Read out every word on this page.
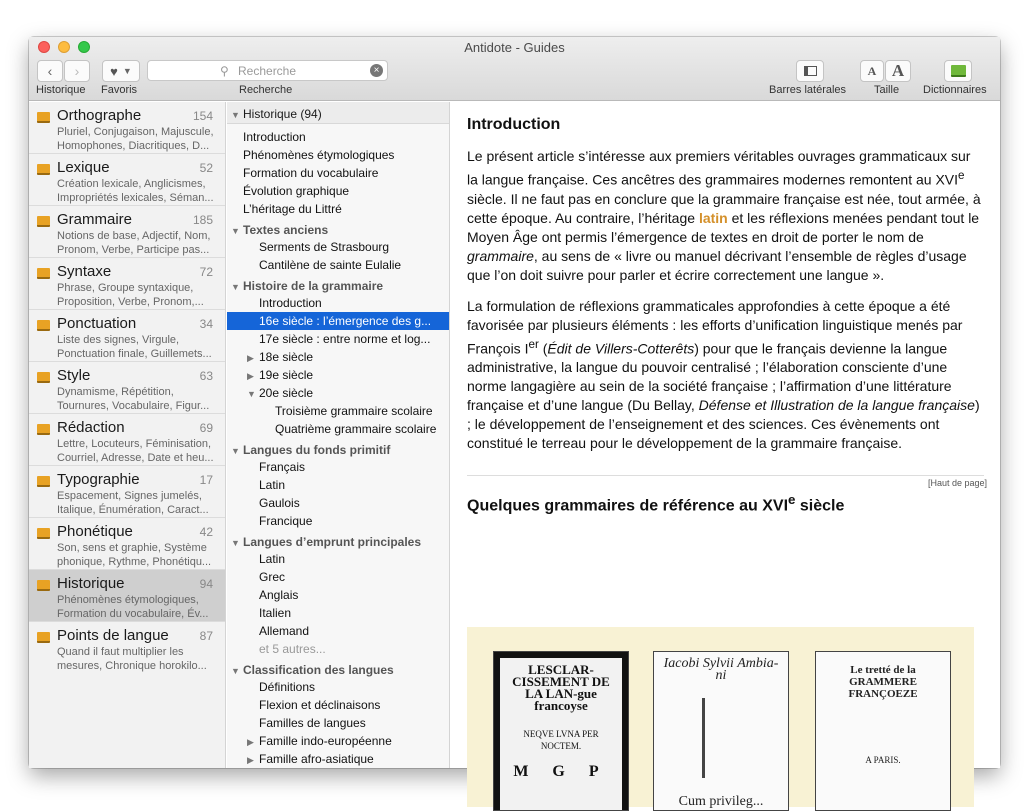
Antidote - Guides
‹ › ♥ ▼
Historique Favoris
⚲ Recherche	×
Recherche	Barres latérales
A A
Taille Dictionnaires
Orthographe	154
Pluriel, Conjugaison, Majuscule,
Homophones, Diacritiques, D...
Lexique	52
Création lexicale, Anglicismes,
Impropriétés lexicales, Séman...
Grammaire	185
Notions de base, Adjectif, Nom,
Pronom, Verbe, Participe pas...
Syntaxe	72
Phrase, Groupe syntaxique,
Proposition, Verbe, Pronom,...
Ponctuation	34
Liste des signes, Virgule,
Ponctuation finale, Guillemets...
Style	63
Dynamisme, Répétition,
Tournures, Vocabulaire, Figur...
Rédaction	69
Lettre, Locuteurs, Féminisation,
Courriel, Adresse, Date et heu...
Typographie	17
Espacement, Signes jumelés,
Italique, Énumération, Caract...
Phonétique	42
Son, sens et graphie, Système
phonique, Rythme, Phonétiqu...
Historique	94
Phénomènes étymologiques,
Formation du vocabulaire, Év...
Points de langue	87
Quand il faut multiplier les
mesures, Chronique horokilo...
▼ Historique (94)
Introduction
Phénomènes étymologiques
Formation du vocabulaire
Évolution graphique
L’héritage du Littré
▼ Textes anciens
Serments de Strasbourg
Cantilène de sainte Eulalie
▼ Histoire de la grammaire
Introduction
16e siècle : l’émergence des g...
17e siècle : entre norme et log...
▶ 18e siècle
▶ 19e siècle
▼ 20e siècle
Troisième grammaire scolaire
Quatrième grammaire scolaire
▼ Langues du fonds primitif
Français
Latin
Gaulois
Francique
▼ Langues d’emprunt principales
Latin
Grec
Anglais
Italien
Allemand
et 5 autres...
▼ Classification des langues
Définitions
Flexion et déclinaisons
Familles de langues
▶ Famille indo-européenne
▶ Famille afro-asiatique
Introduction
Le présent article s’intéresse aux premiers véritables ouvrages grammaticaux sur la langue française. Ces ancêtres des grammaires modernes remontent au XVIe siècle. Il ne faut pas en conclure que la grammaire française est née, tout armée, à cette époque. Au contraire, l’héritage latin et les réflexions menées pendant tout le Moyen Âge ont permis l’émergence de textes en droit de porter le nom de grammaire, au sens de « livre ou manuel décrivant l’ensemble de règles d’usage que l’on doit suivre pour parler et écrire correctement une langue ».
La formulation de réflexions grammaticales approfondies à cette époque a été favorisée par plusieurs éléments : les efforts d’unification linguistique menés par François Ier (Édit de Villers-Cotterêts) pour que le français devienne la langue administrative, la langue du pouvoir centralisé ; l’élaboration consciente d’une norme langagière au sein de la société française ; l’affirmation d’une littérature française et d’une langue (Du Bellay, Défense et Illustration de la langue française) ; le développement de l’enseignement et des sciences. Ces évènements ont constitué le terreau pour le développement de la grammaire française.
[Haut de page]
Quelques grammaires de référence au XVIe siècle
LESCLAR-CISSEMENT DE LA LAN-gue francoyse
NEQVE LVNA PER NOCTEM.
M G P
Iacobi Sylvii Ambia-ni
Cum privileg...
Le tretté de la GRAMMERE FRANÇOEZE
A PARIS.
